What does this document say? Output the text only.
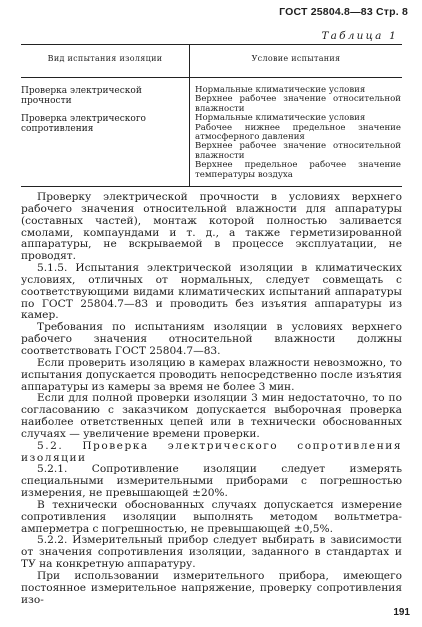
ГОСТ 25804.8—83 Стр. 8
Таблица 1
Вид испытания изоляции	Условие испытания
Проверка электрической прочности
Проверка электрического сопротивления
Нормальные климатические условия
Верхнее рабочее значение относительной влажности
Нормальные климатические условия
Рабочее нижнее предельное значение атмосферного давления
Верхнее рабочее значение относительной влажности
Верхнее предельное рабочее значение температуры воздуха

Проверку электрической прочности в условиях верхнего рабочего значения относительной влажности для аппаратуры (составных частей), монтаж которой полностью заливается смолами, компаундами и т. д., а также герметизированной аппаратуры, не вскрываемой в процессе эксплуатации, не проводят.

5.1.5. Испытания электрической изоляции в климатических условиях, отличных от нормальных, следует совмещать с соответствующими видами климатических испытаний аппаратуры по ГОСТ 25804.7—83 и проводить без изъятия аппаратуры из камер.

Требования по испытаниям изоляции в условиях верхнего рабочего значения относительной влажности должны соответствовать ГОСТ 25804.7—83.

Если проверить изоляцию в камерах влажности невозможно, то испытания допускается проводить непосредственно после изъятия аппаратуры из камеры за время не более 3 мин.

Если для полной проверки изоляции 3 мин недостаточно, то по согласованию с заказчиком допускается выборочная проверка наиболее ответственных цепей или в технически обоснованных случаях — увеличение времени проверки.

5.2. Проверка электрического сопротивления изоляции

5.2.1. Сопротивление изоляции следует измерять специальными измерительными приборами с погрешностью измерения, не превышающей ±20%.

В технически обоснованных случаях допускается измерение сопротивления изоляции выполнять методом вольтметра-амперметра с погрешностью, не превышающей ±0,5%.

5.2.2. Измерительный прибор следует выбирать в зависимости от значения сопротивления изоляции, заданного в стандартах и ТУ на конкретную аппаратуру.

При использовании измерительного прибора, имеющего постоянное измерительное напряжение, проверку сопротивления изо-

191
